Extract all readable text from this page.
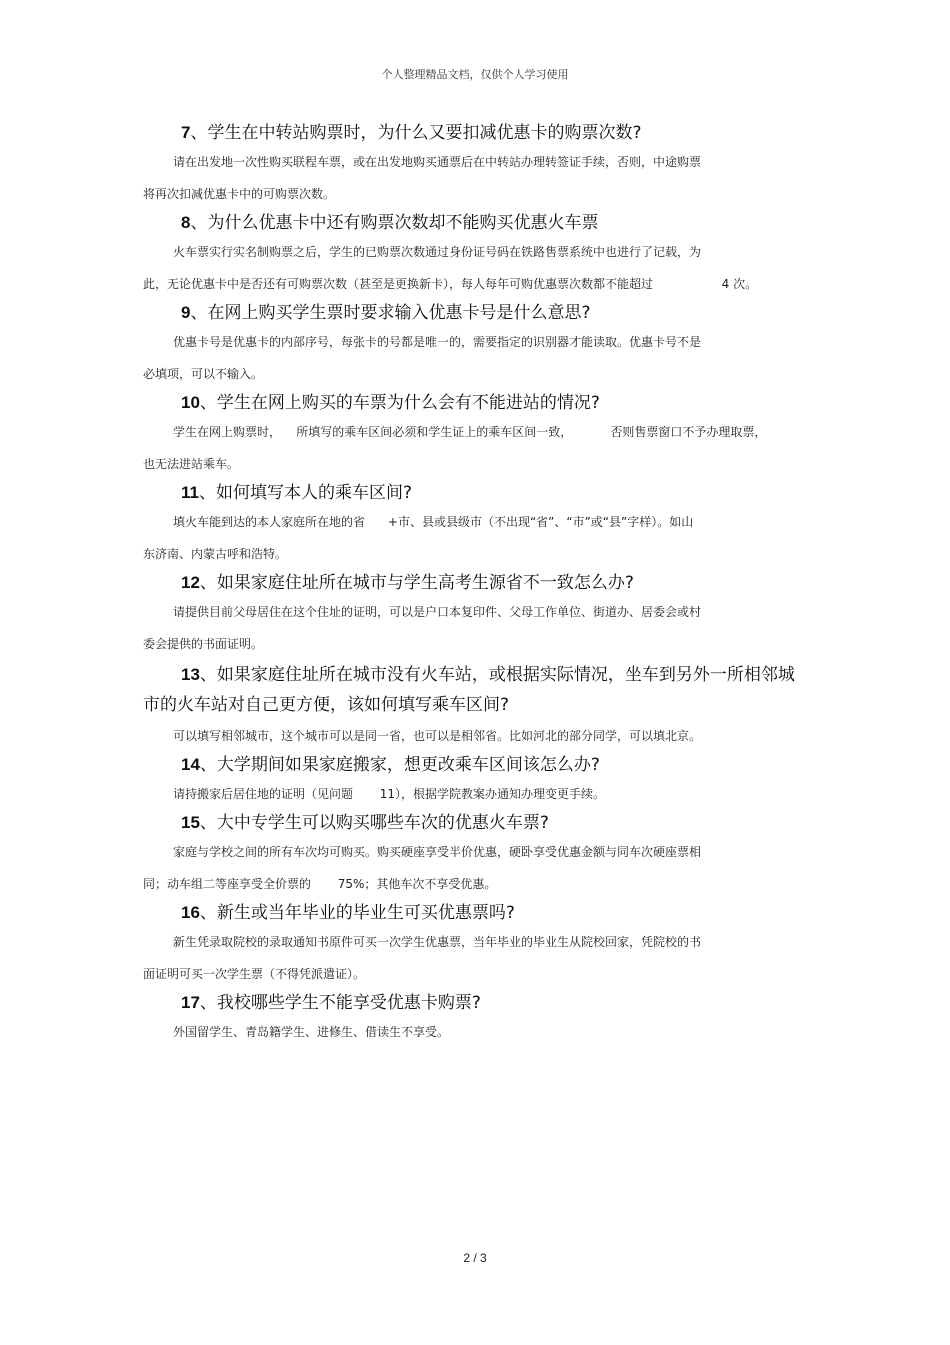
个人整理精品文档，仅供个人学习使用

7、学生在中转站购票时，为什么又要扣减优惠卡的购票次数?

请在出发地一次性购买联程车票，或在出发地购买通票后在中转站办理转签证手续，否则，中途购票
将再次扣减优惠卡中的可购票次数。

8、为什么优惠卡中还有购票次数却不能购买优惠火车票

火车票实行实名制购票之后，学生的已购票次数通过身份证号码在铁路售票系统中也进行了记载，为
此，无论优惠卡中是否还有可购票次数（甚至是更换新卡），每人每年可购优惠票次数都不能超过                  4 次。

9、在网上购买学生票时要求输入优惠卡号是什么意思?

优惠卡号是优惠卡的内部序号，每张卡的号都是唯一的，需要指定的识别器才能读取。优惠卡号不是
必填项，可以不输入。

10、学生在网上购买的车票为什么会有不能进站的情况?

学生在网上购票时，    所填写的乘车区间必须和学生证上的乘车区间一致，          否则售票窗口不予办理取票，
也无法进站乘车。

11、如何填写本人的乘车区间?

填火车能到达的本人家庭所在地的省      +市、县或县级市（不出现“省”、“市”或“县”字样）。如山
东济南、内蒙古呼和浩特。

12、如果家庭住址所在城市与学生高考生源省不一致怎么办?

请提供目前父母居住在这个住址的证明，可以是户口本复印件、父母工作单位、街道办、居委会或村
委会提供的书面证明。

13、如果家庭住址所在城市没有火车站，或根据实际情况，坐车到另外一所相邻城市的火车站对自己更方便，该如何填写乘车区间?

可以填写相邻城市，这个城市可以是同一省，也可以是相邻省。比如河北的部分同学，可以填北京。

14、大学期间如果家庭搬家，想更改乘车区间该怎么办?

请持搬家后居住地的证明（见问题       11），根据学院教案办通知办理变更手续。

15、大中专学生可以购买哪些车次的优惠火车票?

家庭与学校之间的所有车次均可购买。购买硬座享受半价优惠，硬卧享受优惠金额与同车次硬座票相
同；动车组二等座享受全价票的       75%；其他车次不享受优惠。

16、新生或当年毕业的毕业生可买优惠票吗?

新生凭录取院校的录取通知书原件可买一次学生优惠票，当年毕业的毕业生从院校回家，凭院校的书
面证明可买一次学生票（不得凭派遣证）。

17、我校哪些学生不能享受优惠卡购票?

外国留学生、青岛籍学生、进修生、借读生不享受。

2 / 3
